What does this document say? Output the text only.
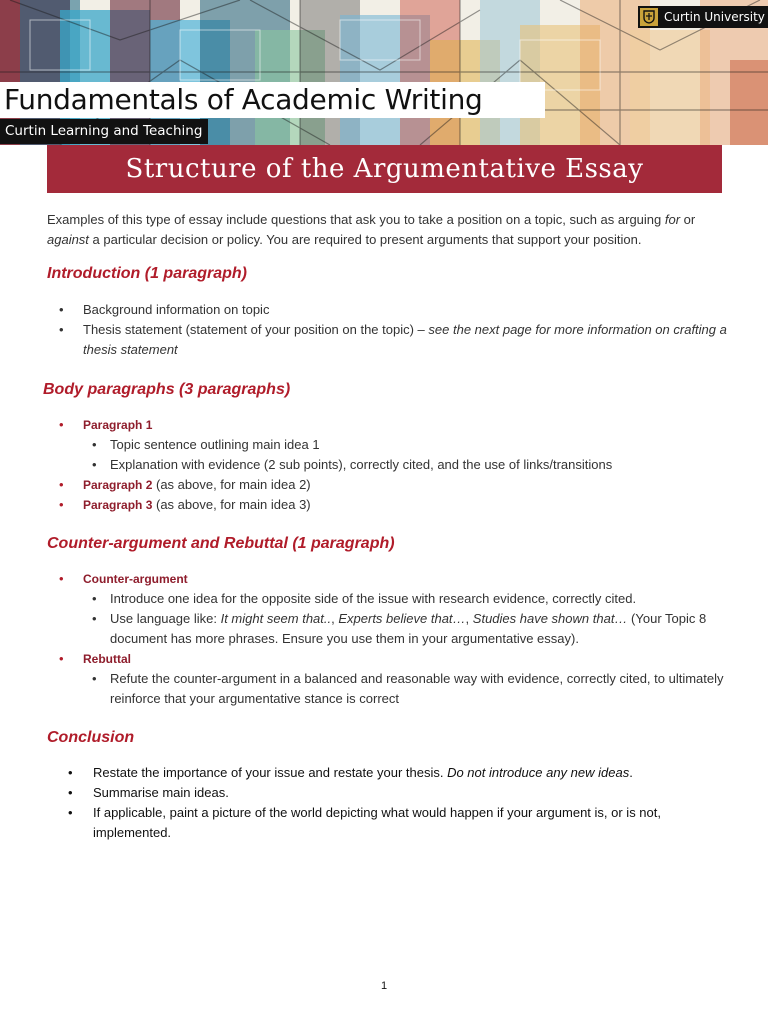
Curtin University
Fundamentals of Academic Writing
Curtin Learning and Teaching
Structure of the Argumentative Essay

Examples of this type of essay include questions that ask you to take a position on a topic, such as arguing for or against a particular decision or policy. You are required to present arguments that support your position.

Introduction (1 paragraph)
• Background information on topic
• Thesis statement (statement of your position on the topic) – see the next page for more information on crafting a thesis statement
Body paragraphs (3 paragraphs)
• Paragraph 1
• Topic sentence outlining main idea 1
• Explanation with evidence (2 sub points), correctly cited, and the use of links/transitions
• Paragraph 2 (as above, for main idea 2)
• Paragraph 3 (as above, for main idea 3)
Counter-argument and Rebuttal (1 paragraph)
• Counter-argument
• Introduce one idea for the opposite side of the issue with research evidence, correctly cited.
• Use language like: It might seem that.., Experts believe that…, Studies have shown that… (Your Topic 8 document has more phrases. Ensure you use them in your argumentative essay).
• Rebuttal
• Refute the counter-argument in a balanced and reasonable way with evidence, correctly cited, to ultimately reinforce that your argumentative stance is correct
Conclusion
• Restate the importance of your issue and restate your thesis. Do not introduce any new ideas.
• Summarise main ideas.
• If applicable, paint a picture of the world depicting what would happen if your argument is, or is not, implemented.
1
